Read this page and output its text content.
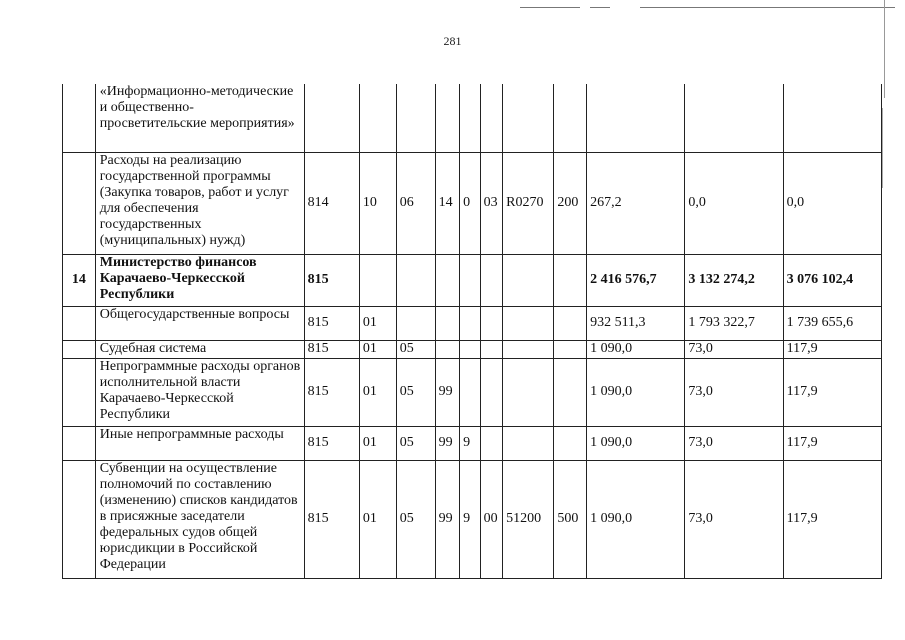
281
	«Информационно-методические и общественно-просветительские мероприятия»											
	Расходы на реализацию государственной программы (Закупка товаров, работ и услуг для обеспечения государственных (муниципальных) нужд)	814	10	06	14	0	03	R0270	200	267,2	0,0	0,0
14	Министерство финансов Карачаево-Черкесской Республики	815								2 416 576,7	3 132 274,2	3 076 102,4
	Общегосударственные вопросы	815	01							932 511,3	1 793 322,7	1 739 655,6
	Судебная система	815	01	05						1 090,0	73,0	117,9
	Непрограммные расходы органов исполнительной власти Карачаево-Черкесской Республики	815	01	05	99					1 090,0	73,0	117,9
	Иные непрограммные расходы	815	01	05	99	9				1 090,0	73,0	117,9
	Субвенции на осуществление полномочий по составлению (изменению) списков кандидатов в присяжные заседатели федеральных судов общей юрисдикции в Российской Федерации	815	01	05	99	9	00	51200	500	1 090,0	73,0	117,9
